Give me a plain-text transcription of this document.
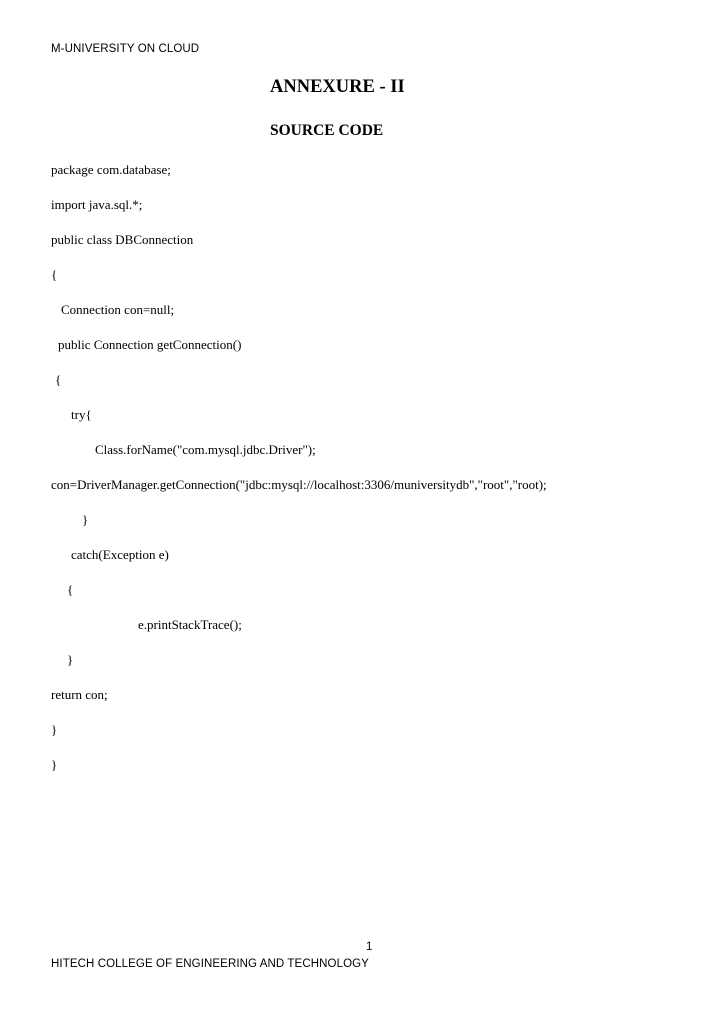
M-UNIVERSITY ON CLOUD
ANNEXURE - II
SOURCE CODE
package com.database;
import java.sql.*;
public class DBConnection
{
Connection con=null;
public Connection getConnection()
{
try{
Class.forName("com.mysql.jdbc.Driver");
con=DriverManager.getConnection("jdbc:mysql://localhost:3306/muniversitydb","root","root);
}
catch(Exception e)
{
e.printStackTrace();
}
return con;
}
}
1
HITECH COLLEGE OF ENGINEERING AND TECHNOLOGY
